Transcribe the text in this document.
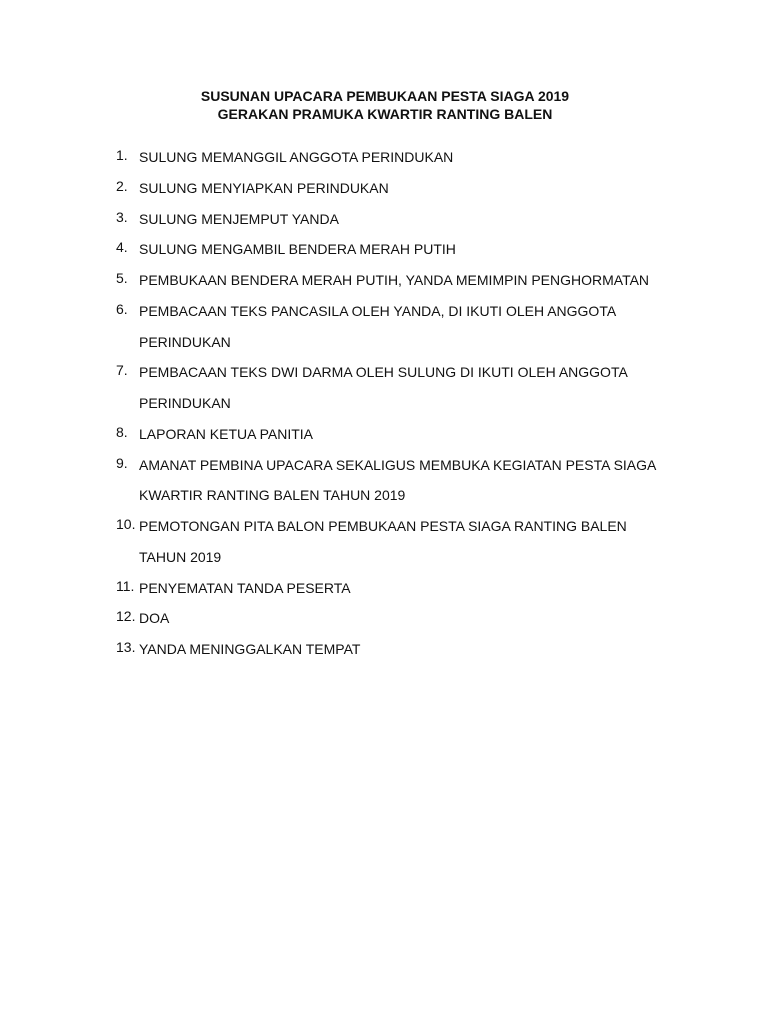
SUSUNAN UPACARA PEMBUKAAN PESTA SIAGA 2019
GERAKAN PRAMUKA KWARTIR RANTING BALEN
1. SULUNG MEMANGGIL ANGGOTA PERINDUKAN
2. SULUNG MENYIAPKAN PERINDUKAN
3. SULUNG MENJEMPUT YANDA
4. SULUNG MENGAMBIL BENDERA MERAH PUTIH
5. PEMBUKAAN BENDERA MERAH PUTIH, YANDA MEMIMPIN PENGHORMATAN
6. PEMBACAAN TEKS PANCASILA OLEH YANDA, DI IKUTI OLEH ANGGOTA
PERINDUKAN
7. PEMBACAAN TEKS DWI DARMA OLEH SULUNG DI IKUTI OLEH ANGGOTA
PERINDUKAN
8. LAPORAN KETUA PANITIA
9. AMANAT PEMBINA UPACARA SEKALIGUS MEMBUKA KEGIATAN PESTA SIAGA
KWARTIR RANTING BALEN TAHUN 2019
10. PEMOTONGAN PITA BALON PEMBUKAAN PESTA SIAGA RANTING BALEN
TAHUN 2019
11. PENYEMATAN TANDA PESERTA
12. DOA
13. YANDA MENINGGALKAN TEMPAT
